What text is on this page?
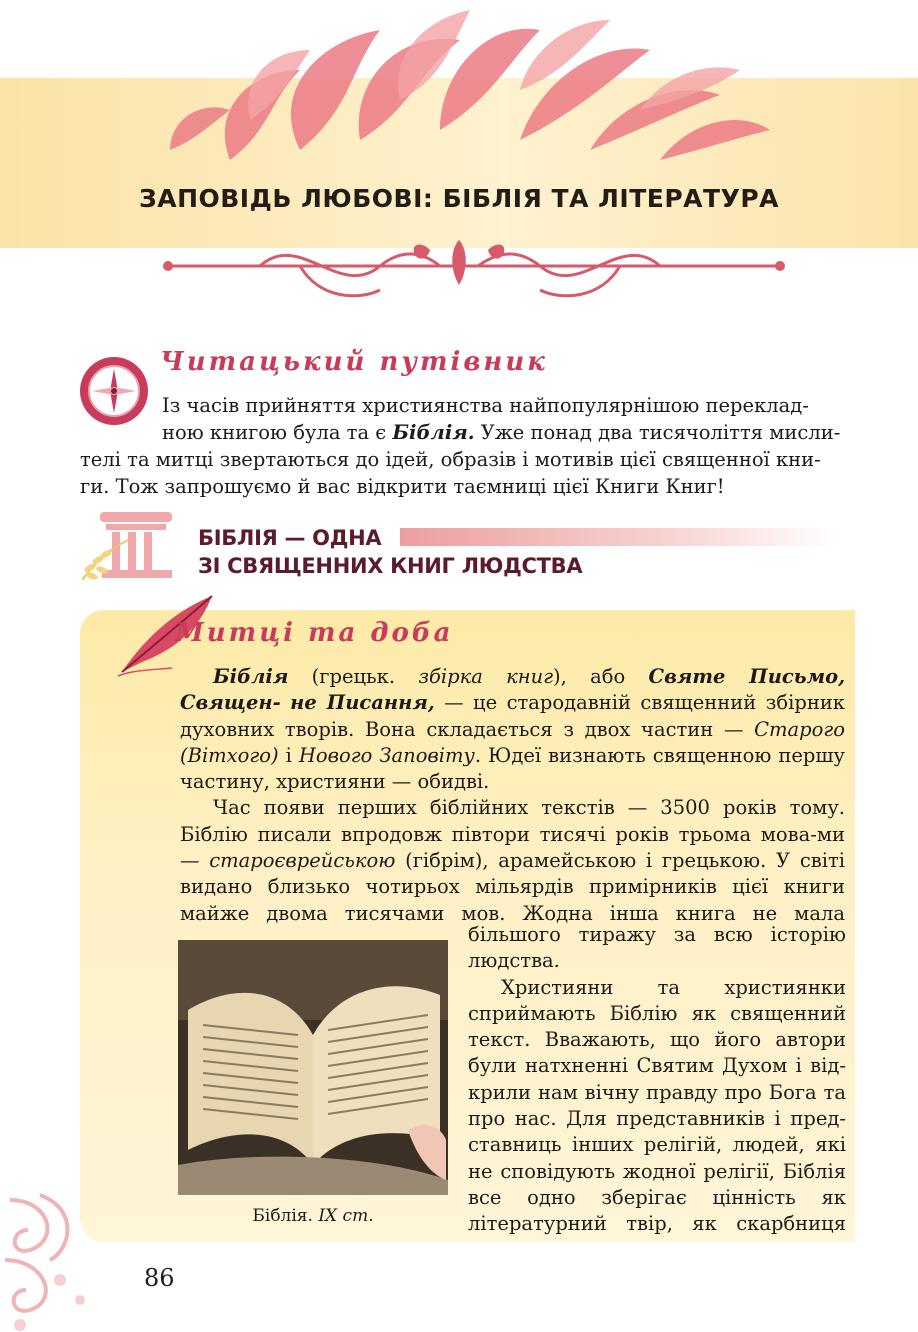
ЗАПОВІДЬ ЛЮБОВІ: БІБЛІЯ ТА ЛІТЕРАТУРА
Читацький путівник

Із часів прийняття християнства найпопулярнішою переклад-
ною книгою була та є Біблія. Уже понад два тисячоліття мисли-
телі та митці звертаються до ідей, образів і мотивів цієї священної кни-
ги. Тож запрошуємо й вас відкрити таємниці цієї Книги Книг!

БІБЛІЯ — ОДНА
ЗІ СВЯЩЕННИХ КНИГ ЛЮДСТВА
Митці та доба

Біблія (грецьк. збірка книг), або Святе Письмо, Священ- не Писання, — це стародавній священний збірник духовних творів. Вона складається з двох частин — Старого (Вітхого) і Нового Заповіту. Юдеї визнають священною першу частину, християни — обидві.

Час появи перших біблійних текстів — 3500 років тому. Біблію писали впродовж півтори тисячі років трьома мова-ми — староєврейською (гібрім), арамейською і грецькою. У світі видано близько чотирьох мільярдів примірників цієї книги майже двома тисячами мов. Жодна інша книга не мала

Біблія. IX ст.

більшого тиражу за всю історію людства.

Християни та християнки сприймають Біблію як священний текст. Вважають, що його автори були натхненні Святим Духом і від-крили нам вічну правду про Бога та про нас. Для представників і пред-ставниць інших релігій, людей, які не сповідують жодної релігії, Біблія все одно зберігає цінність як літературний твір, як скарбниця

86
